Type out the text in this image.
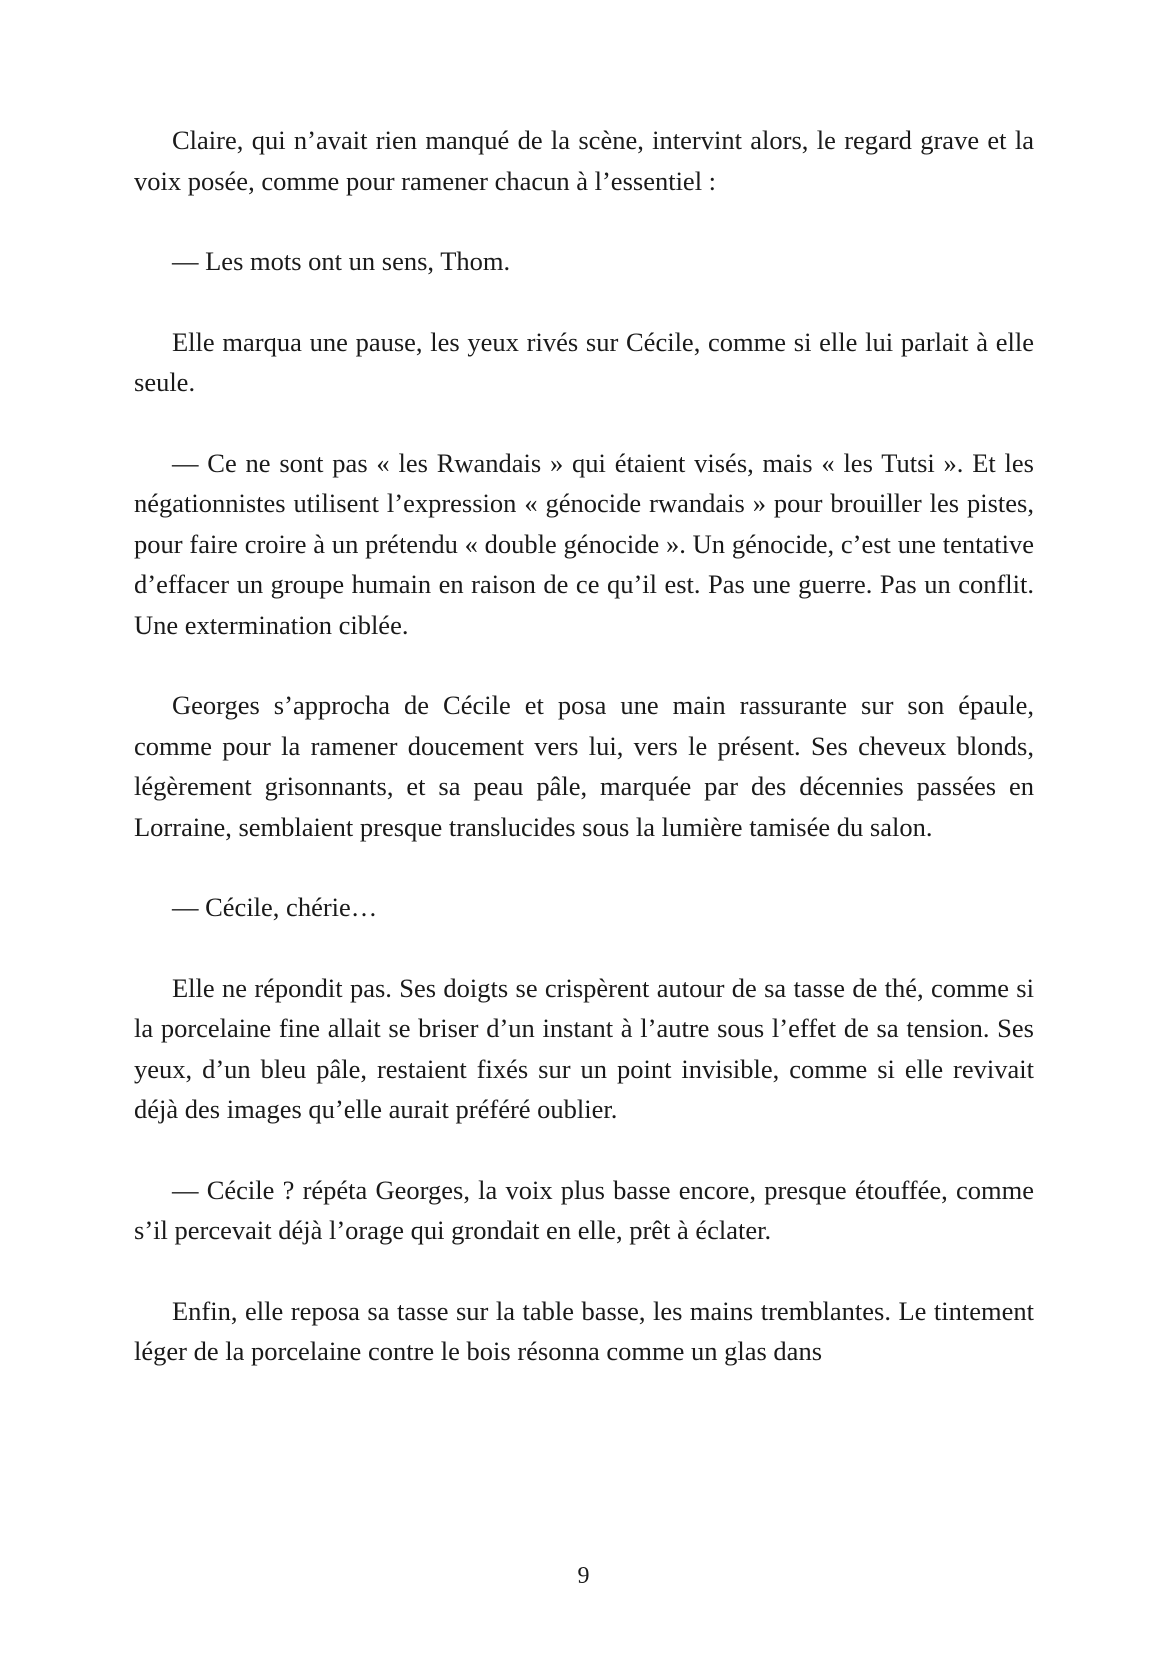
Claire, qui n’avait rien manqué de la scène, intervint alors, le regard grave et la voix posée, comme pour ramener chacun à l’essentiel :

— Les mots ont un sens, Thom.

Elle marqua une pause, les yeux rivés sur Cécile, comme si elle lui parlait à elle seule.

— Ce ne sont pas « les Rwandais » qui étaient visés, mais « les Tutsi ». Et les négationnistes utilisent l’expression « génocide rwandais » pour brouiller les pistes, pour faire croire à un prétendu « double génocide ». Un génocide, c’est une tentative d’effacer un groupe humain en raison de ce qu’il est. Pas une guerre. Pas un conflit. Une extermination ciblée.

Georges s’approcha de Cécile et posa une main rassurante sur son épaule, comme pour la ramener doucement vers lui, vers le présent. Ses cheveux blonds, légèrement grisonnants, et sa peau pâle, marquée par des décennies passées en Lorraine, semblaient presque translucides sous la lumière tamisée du salon.

— Cécile, chérie…

Elle ne répondit pas. Ses doigts se crispèrent autour de sa tasse de thé, comme si la porcelaine fine allait se briser d’un instant à l’autre sous l’effet de sa tension. Ses yeux, d’un bleu pâle, restaient fixés sur un point invisible, comme si elle revivait déjà des images qu’elle aurait préféré oublier.

— Cécile ? répéta Georges, la voix plus basse encore, presque étouffée, comme s’il percevait déjà l’orage qui grondait en elle, prêt à éclater.

Enfin, elle reposa sa tasse sur la table basse, les mains tremblantes. Le tintement léger de la porcelaine contre le bois résonna comme un glas dans

9
